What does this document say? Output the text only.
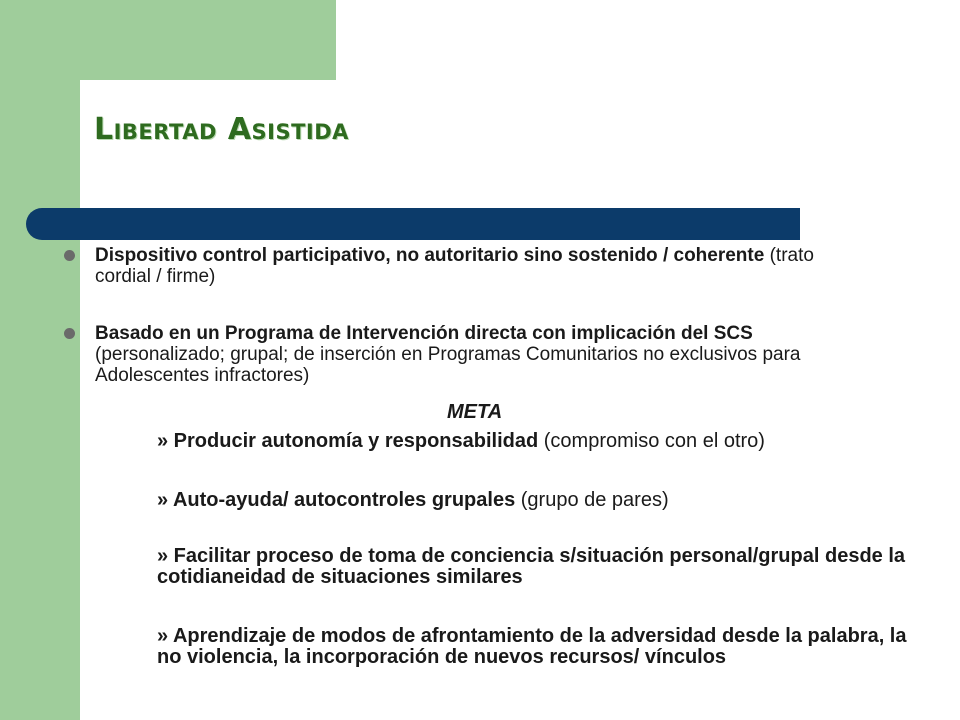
Libertad Asistida
Dispositivo control participativo, no autoritario sino sostenido / coherente (trato cordial / firme)
Basado en un Programa de Intervención directa con implicación del SCS (personalizado; grupal; de inserción en Programas Comunitarios no exclusivos para Adolescentes infractores)
META
» Producir autonomía y responsabilidad (compromiso con el otro)
» Auto-ayuda/ autocontroles grupales (grupo de pares)
» Facilitar proceso de toma de conciencia s/situación personal/grupal desde la cotidianeidad de situaciones similares
» Aprendizaje de modos de afrontamiento de la adversidad desde la palabra, la no violencia, la incorporación de nuevos recursos/ vínculos
